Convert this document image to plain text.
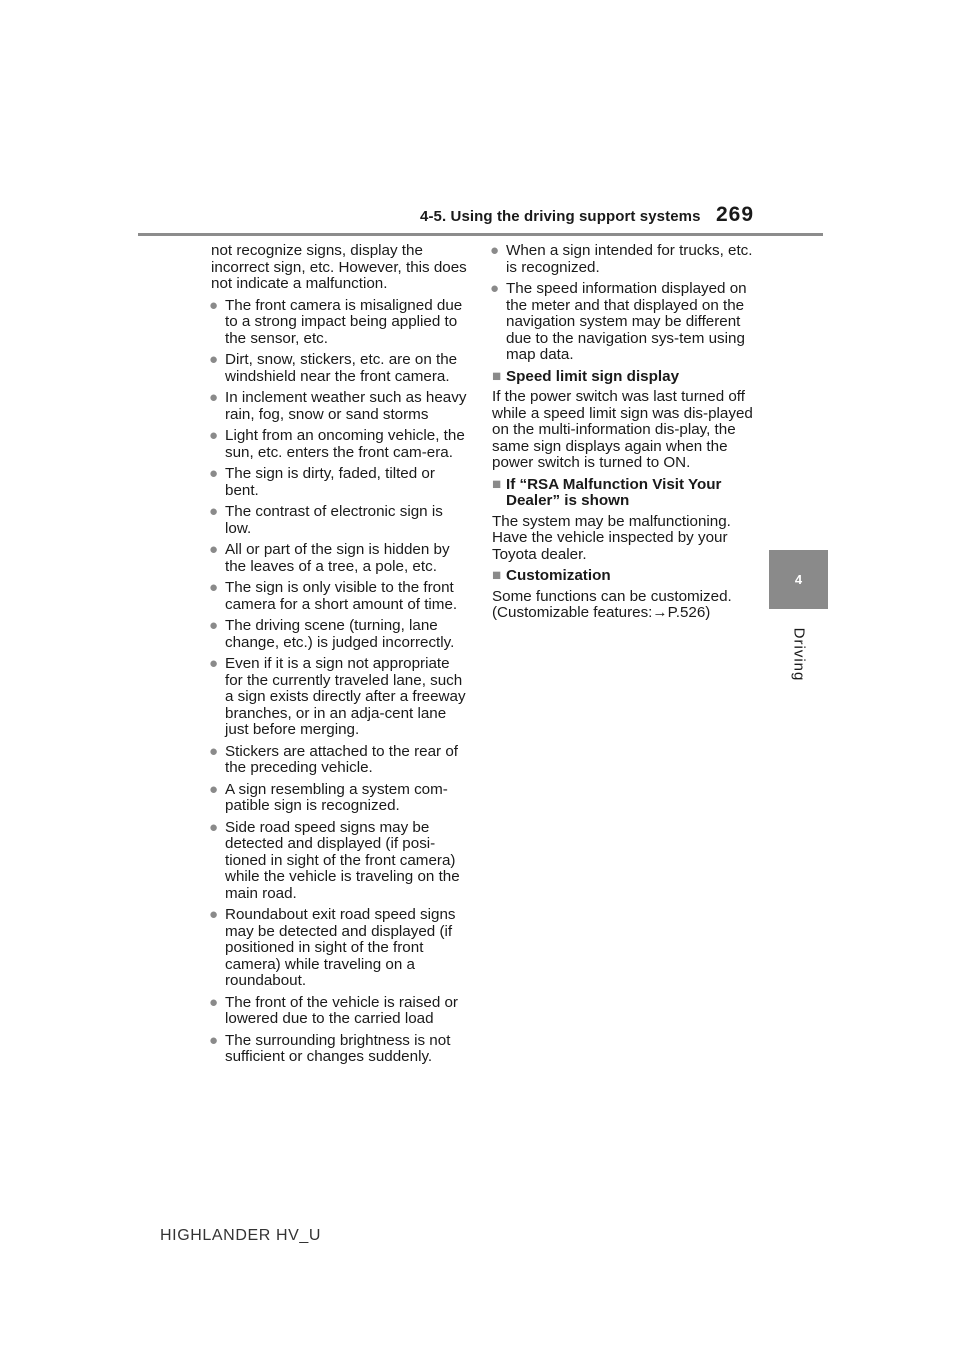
4-5. Using the driving support systems 269
4
Driving

not recognize signs, display the incorrect sign, etc. However, this does not indicate a malfunction.

● The front camera is misaligned due to a strong impact being applied to the sensor, etc.
● Dirt, snow, stickers, etc. are on the windshield near the front camera.
● In inclement weather such as heavy rain, fog, snow or sand storms
● Light from an oncoming vehicle, the sun, etc. enters the front cam-era.
● The sign is dirty, faded, tilted or bent.
● The contrast of electronic sign is low.
● All or part of the sign is hidden by the leaves of a tree, a pole, etc.
● The sign is only visible to the front camera for a short amount of time.
● The driving scene (turning, lane change, etc.) is judged incorrectly.
● Even if it is a sign not appropriate for the currently traveled lane, such a sign exists directly after a freeway branches, or in an adja-cent lane just before merging.
● Stickers are attached to the rear of the preceding vehicle.
● A sign resembling a system com-patible sign is recognized.
● Side road speed signs may be detected and displayed (if posi-tioned in sight of the front camera) while the vehicle is traveling on the main road.
● Roundabout exit road speed signs may be detected and displayed (if positioned in sight of the front camera) while traveling on a roundabout.
● The front of the vehicle is raised or lowered due to the carried load
● The surrounding brightness is not sufficient or changes suddenly.
● When a sign intended for trucks, etc. is recognized.
● The speed information displayed on the meter and that displayed on the navigation system may be different due to the navigation sys-tem using map data.
■ Speed limit sign display

If the power switch was last turned off while a speed limit sign was dis-played on the multi-information dis-play, the same sign displays again when the power switch is turned to ON.

■ If “RSA Malfunction Visit Your Dealer” is shown

The system may be malfunctioning. Have the vehicle inspected by your Toyota dealer.

■ Customization

Some functions can be customized. (Customizable features:→P.526)

HIGHLANDER HV_U
